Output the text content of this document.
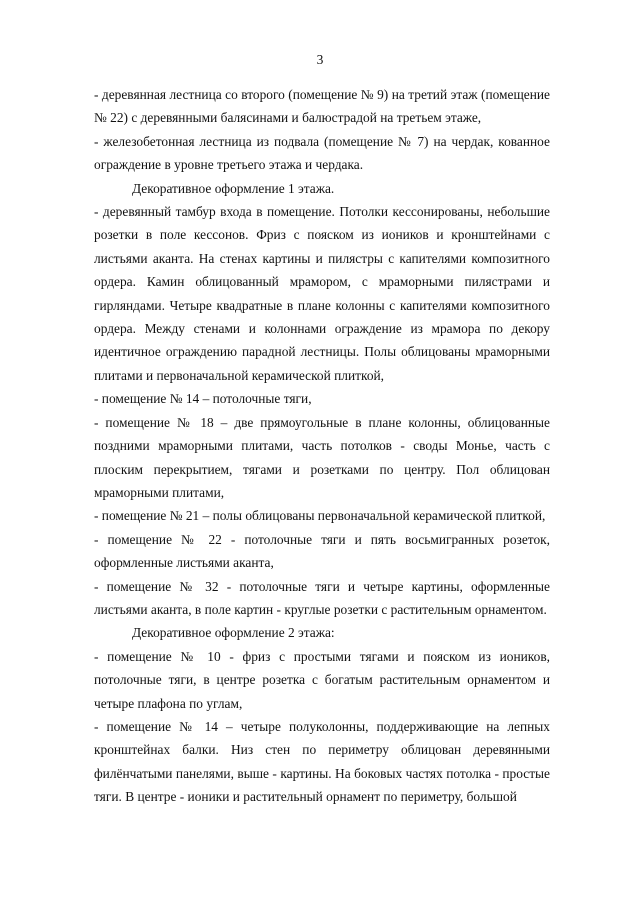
3

- деревянная лестница со второго (помещение № 9) на третий этаж (помещение № 22) с деревянными балясинами и балюстрадой на третьем этаже,

- железобетонная лестница из подвала (помещение № 7) на чердак, кованное ограждение в уровне третьего этажа и чердака.

Декоративное оформление 1 этажа.

- деревянный тамбур входа в помещение. Потолки кессонированы, небольшие розетки в поле кессонов. Фриз с пояском из иоников и кронштейнами с листьями аканта. На стенах картины и пилястры с капителями композитного ордера. Камин облицованный мрамором, с мраморными пилястрами и гирляндами. Четыре квадратные в плане колонны с капителями композитного ордера. Между стенами и колоннами ограждение из мрамора по декору идентичное ограждению парадной лестницы. Полы облицованы мраморными плитами и первоначальной керамической плиткой,

- помещение № 14 – потолочные тяги,

- помещение № 18 – две прямоугольные в плане колонны, облицованные поздними мраморными плитами, часть потолков - своды Монье, часть с плоским перекрытием, тягами и розетками по центру. Пол облицован мраморными плитами,

- помещение № 21 – полы облицованы первоначальной керамической плиткой,

- помещение № 22 - потолочные тяги и пять восьмигранных розеток, оформленные листьями аканта,

- помещение № 32 - потолочные тяги и четыре картины, оформленные листьями аканта, в поле картин - круглые розетки с растительным орнаментом.

Декоративное оформление 2 этажа:

- помещение № 10 - фриз с простыми тягами и пояском из иоников, потолочные тяги, в центре розетка с богатым растительным орнаментом и четыре плафона по углам,

- помещение № 14 – четыре полуколонны, поддерживающие на лепных кронштейнах балки. Низ стен по периметру облицован деревянными филёнчатыми панелями, выше - картины. На боковых частях потолка - простые тяги. В центре - ионики и растительный орнамент по периметру, большой
